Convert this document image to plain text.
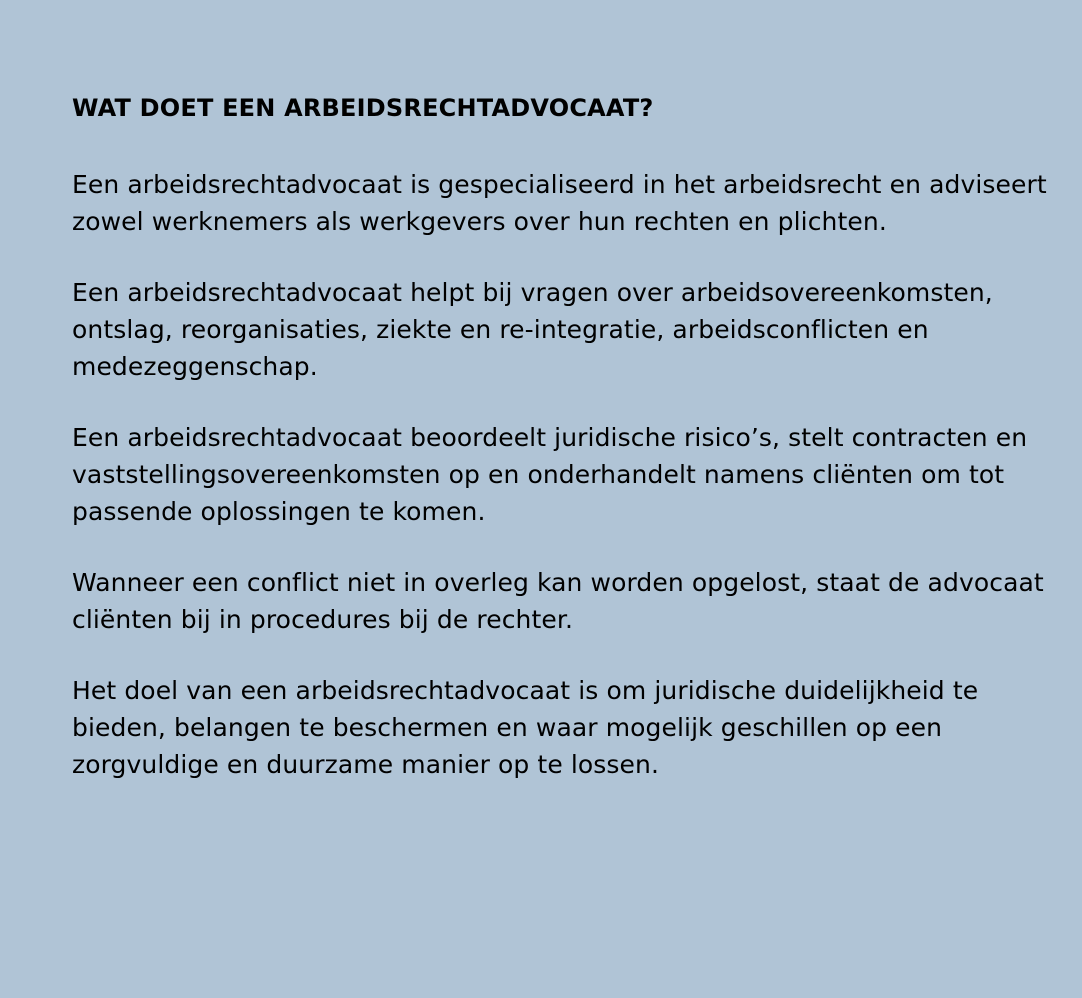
WAT DOET EEN ARBEIDSRECHTADVOCAAT?

Een arbeidsrechtadvocaat is gespecialiseerd in het arbeidsrecht en adviseert zowel werknemers als werkgevers over hun rechten en plichten.

Een arbeidsrechtadvocaat helpt bij vragen over arbeidsovereenkomsten, ontslag, reorganisaties, ziekte en re-integratie, arbeidsconflicten en medezeggenschap.

Een arbeidsrechtadvocaat beoordeelt juridische risico’s, stelt contracten en vaststellingsovereenkomsten op en onderhandelt namens cliënten om tot passende oplossingen te komen.

Wanneer een conflict niet in overleg kan worden opgelost, staat de advocaat cliënten bij in procedures bij de rechter.

Het doel van een arbeidsrechtadvocaat is om juridische duidelijkheid te bieden, belangen te beschermen en waar mogelijk geschillen op een zorgvuldige en duurzame manier op te lossen.
